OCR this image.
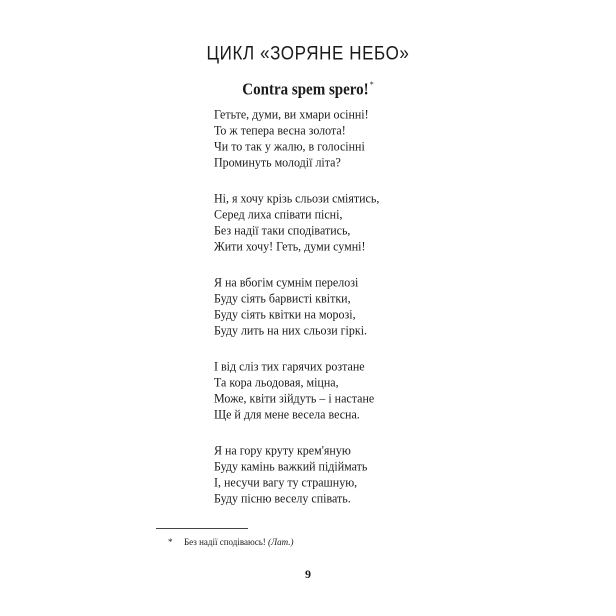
ЦИКЛ «ЗОРЯНЕ НЕБО»
Contra spem spero!*
Гетьте, думи, ви хмари осінні!
То ж тепера весна золота!
Чи то так у жалю, в голосінні
Проминуть молодії літа?
Ні, я хочу крізь сльози сміятись,
Серед лиха співати пісні,
Без надії таки сподіватись,
Жити хочу! Геть, думи сумні!
Я на вбогім сумнім перелозі
Буду сіять барвисті квітки,
Буду сіять квітки на морозі,
Буду лить на них сльози гіркі.
І від сліз тих гарячих розтане
Та кора льодовая, міцна,
Може, квіти зійдуть – і настане
Ще й для мене весела весна.
Я на гору круту крем'яную
Буду камінь важкий підіймать
І, несучи вагу ту страшную,
Буду пісню веселу співать.
* Без надії сподіваюсь! (Лат.)
9
